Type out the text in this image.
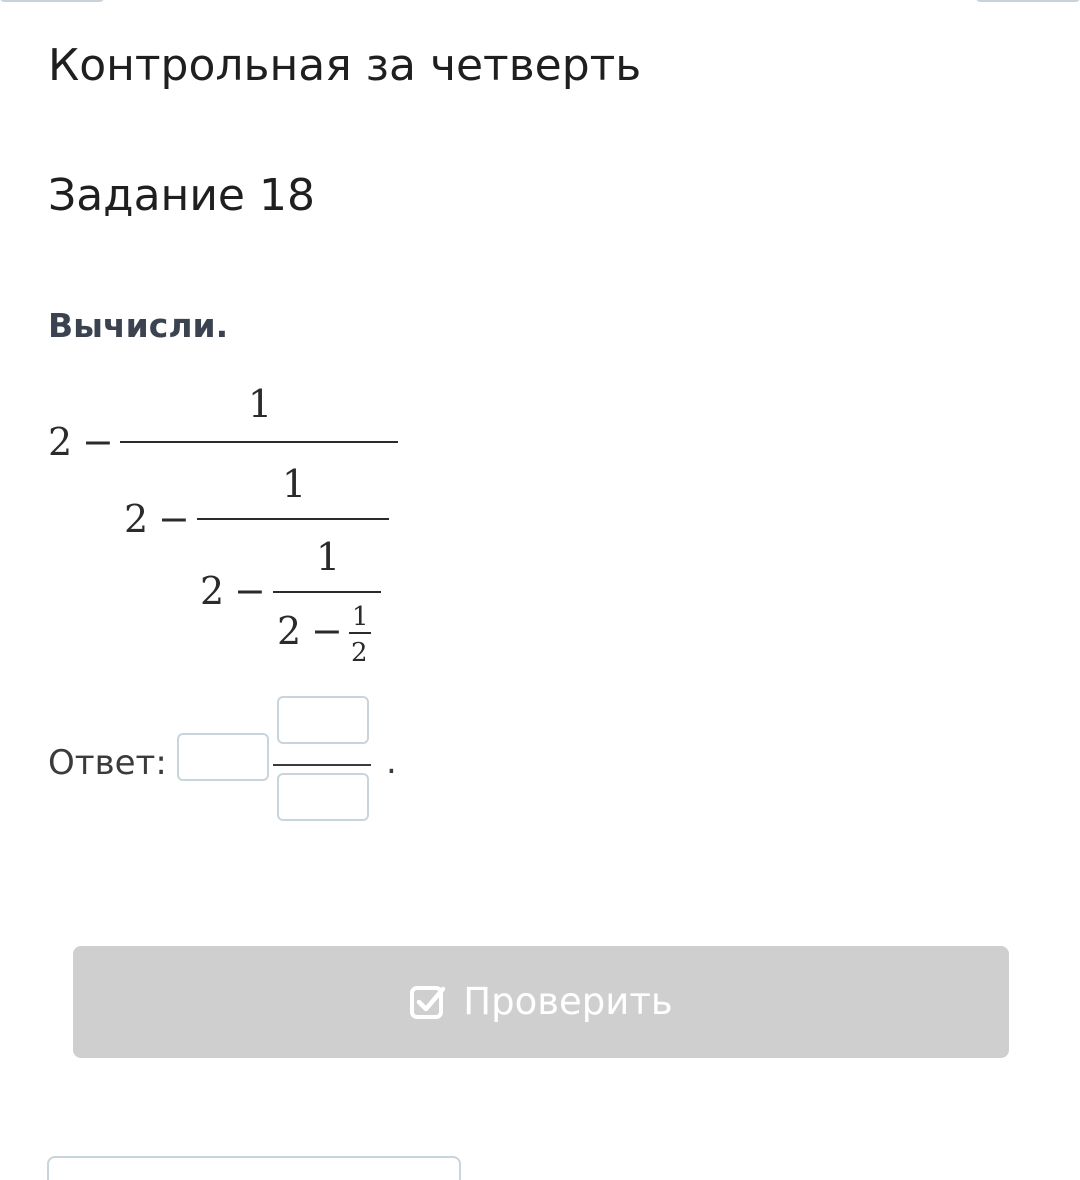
Контрольная за четверть
Задание 18
Вычисли.
2 −
1
2 −
1
2 −
1
2 − 1
2
Ответ:	.
Проверить
